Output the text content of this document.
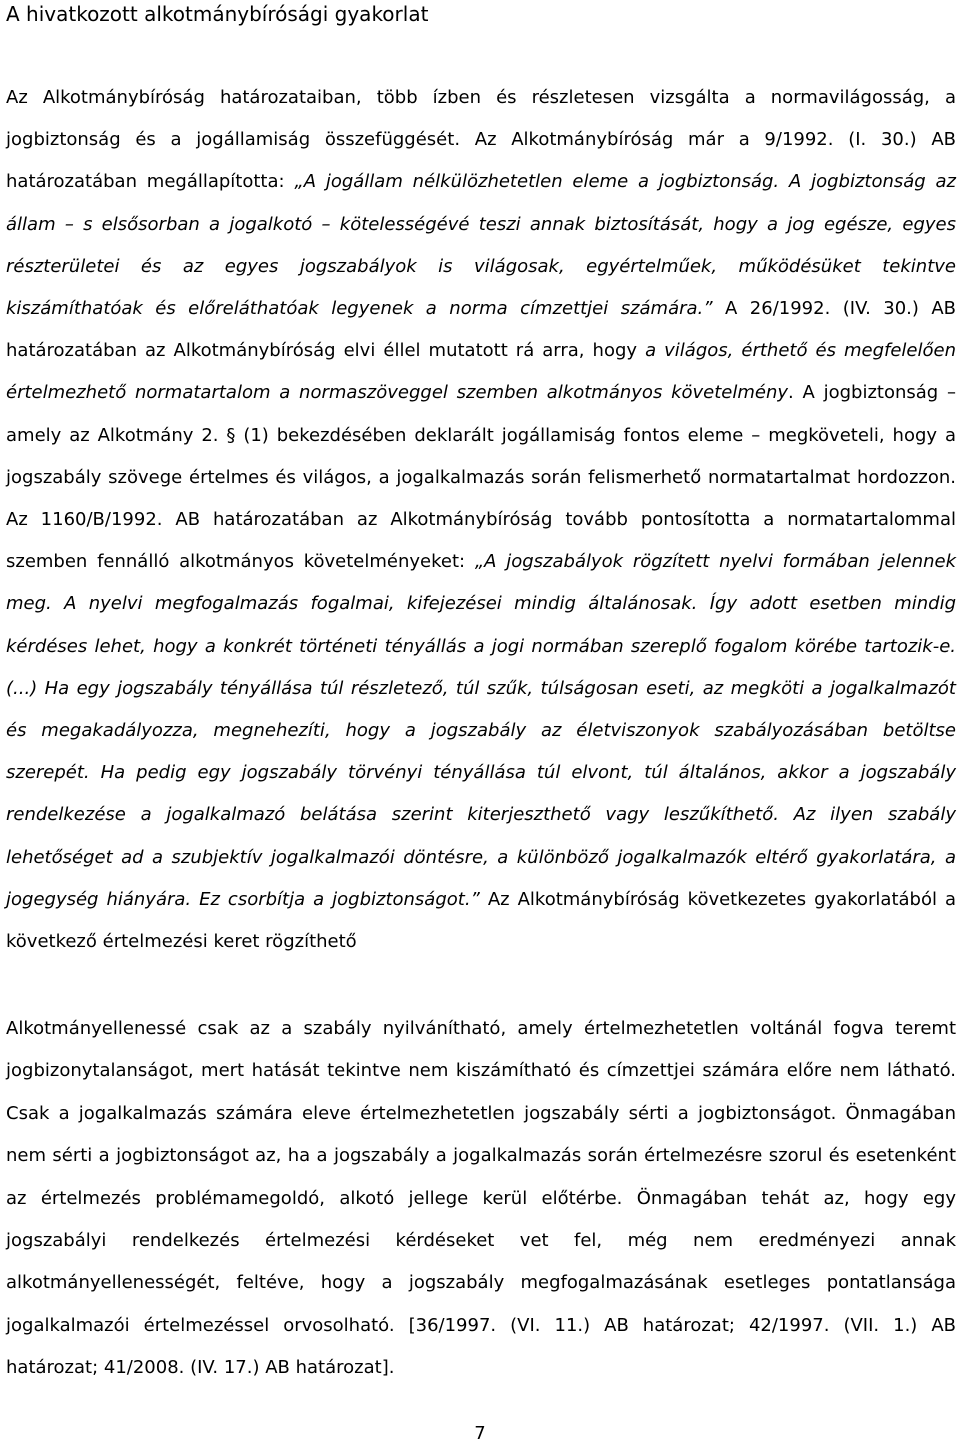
A hivatkozott alkotmánybírósági gyakorlat

Az Alkotmánybíróság határozataiban, több ízben és részletesen vizsgálta a normavilágosság, a jogbiztonság és a jogállamiság összefüggését. Az Alkotmánybíróság már a 9/1992. (I. 30.) AB határozatában megállapította: „A jogállam nélkülözhetetlen eleme a jogbiztonság. A jogbiztonság az állam – s elsősorban a jogalkotó – kötelességévé teszi annak biztosítását, hogy a jog egésze, egyes részterületei és az egyes jogszabályok is világosak, egyértelműek, működésüket tekintve kiszámíthatóak és előreláthatóak legyenek a norma címzettjei számára.” A 26/1992. (IV. 30.) AB határozatában az Alkotmánybíróság elvi éllel mutatott rá arra, hogy a világos, érthető és megfelelően értelmezhető normatartalom a normaszöveggel szemben alkotmányos követelmény. A jogbiztonság – amely az Alkotmány 2. § (1) bekezdésében deklarált jogállamiság fontos eleme – megköveteli, hogy a jogszabály szövege értelmes és világos, a jogalkalmazás során felismerhető normatartalmat hordozzon. Az 1160/B/1992. AB határozatában az Alkotmánybíróság tovább pontosította a normatartalommal szemben fennálló alkotmányos követelményeket: „A jogszabályok rögzített nyelvi formában jelennek meg. A nyelvi megfogalmazás fogalmai, kifejezései mindig általánosak. Így adott esetben mindig kérdéses lehet, hogy a konkrét történeti tényállás a jogi normában szereplő fogalom körébe tartozik-e. (...) Ha egy jogszabály tényállása túl részletező, túl szűk, túlságosan eseti, az megköti a jogalkalmazót és megakadályozza, megnehezíti, hogy a jogszabály az életviszonyok szabályozásában betöltse szerepét. Ha pedig egy jogszabály törvényi tényállása túl elvont, túl általános, akkor a jogszabály rendelkezése a jogalkalmazó belátása szerint kiterjeszthető vagy leszűkíthető. Az ilyen szabály lehetőséget ad a szubjektív jogalkalmazói döntésre, a különböző jogalkalmazók eltérő gyakorlatára, a jogegység hiányára. Ez csorbítja a jogbiztonságot.” Az Alkotmánybíróság következetes gyakorlatából a következő értelmezési keret rögzíthető

Alkotmányellenessé csak az a szabály nyilvánítható, amely értelmezhetetlen voltánál fogva teremt jogbizonytalanságot, mert hatását tekintve nem kiszámítható és címzettjei számára előre nem látható. Csak a jogalkalmazás számára eleve értelmezhetetlen jogszabály sérti a jogbiztonságot. Önmagában nem sérti a jogbiztonságot az, ha a jogszabály a jogalkalmazás során értelmezésre szorul és esetenként az értelmezés problémamegoldó, alkotó jellege kerül előtérbe. Önmagában tehát az, hogy egy jogszabályi rendelkezés értelmezési kérdéseket vet fel, még nem eredményezi annak alkotmányellenességét, feltéve, hogy a jogszabály megfogalmazásának esetleges pontatlansága jogalkalmazói értelmezéssel orvosolható. [36/1997. (VI. 11.) AB határozat; 42/1997. (VII. 1.) AB határozat; 41/2008. (IV. 17.) AB határozat].

7
